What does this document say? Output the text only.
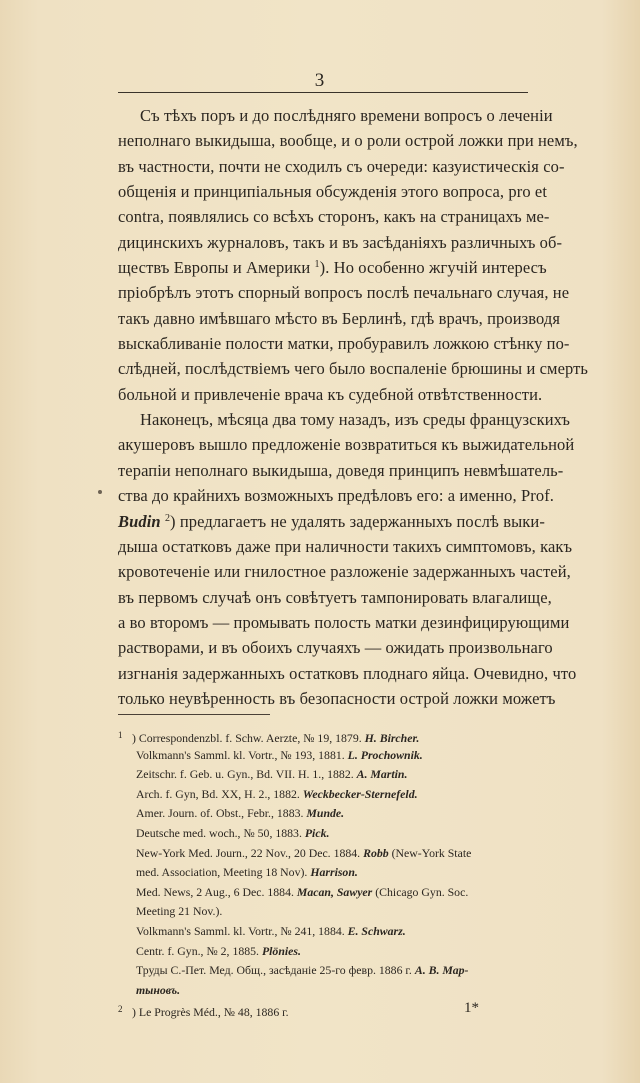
3
Съ тѣхъ поръ и до послѣдняго времени вопросъ о леченіи
неполнаго выкидыша, вообще, и о роли острой ложки при немъ,
въ частности, почти не сходилъ съ очереди: казуистическія со-
общенія и принципіальныя обсужденія этого вопроса, pro et
contra, появлялись со всѣхъ сторонъ, какъ на страницахъ ме-
дицинскихъ журналовъ, такъ и въ засѣданіяхъ различныхъ об-
ществъ Европы и Америки $^1$). Но особенно жгучій интересъ
пріобрѣлъ этотъ спорный вопросъ послѣ печальнаго случая, не
такъ давно имѣвшаго мѣсто въ Берлинѣ, гдѣ врачъ, производя
выскабливаніе полости матки, пробуравилъ ложкою стѣнку по-
слѣдней, послѣдствіемъ чего было воспаленіе брюшины и смерть
больной и привлеченіе врача къ судебной отвѣтственности.
Наконецъ, мѣсяца два тому назадъ, изъ среды французскихъ
акушеровъ вышло предложеніе возвратиться къ выжидательной
терапіи неполнаго выкидыша, доведя принципъ невмѣшатель-
ства до крайнихъ возможныхъ предѣловъ его: а именно, Prof.
Budin $^2$) предлагаетъ не удалять задержанныхъ послѣ выки-
дыша остатковъ даже при наличности такихъ симптомовъ, какъ
кровотеченіе или гнилостное разложеніе задержанныхъ частей,
въ первомъ случаѣ онъ совѣтуетъ тампонировать влагалище,
а во второмъ — промывать полость матки дезинфицирующими
растворами, и въ обоихъ случаяхъ — ожидать произвольнаго
изгнанія задержанныхъ остатковъ плоднаго яйца. Очевидно, что
только неувѣренность въ безопасности острой ложки можетъ
1 ) Correspondenzbl. f. Schw. Aerzte, № 19, 1879. H. Bircher.
Volkmann's Samml. kl. Vortr., № 193, 1881. L. Prochownik.
Zeitschr. f. Geb. u. Gyn., Bd. VII. H. 1., 1882. A. Martin.
Arch. f. Gyn, Bd. XX, H. 2., 1882. Weckbecker-Sternefeld.
Amer. Journ. of. Obst., Febr., 1883. Munde.
Deutsche med. woch., № 50, 1883. Pick.
New-York Med. Journ., 22 Nov., 20 Dec. 1884. Robb (New-York State
med. Association, Meeting 18 Nov). Harrison.
Med. News, 2 Aug., 6 Dec. 1884. Macan, Sawyer (Chicago Gyn. Soc.
Meeting 21 Nov.).
Volkmann's Samml. kl. Vortr., № 241, 1884. E. Schwarz.
Centr. f. Gyn., № 2, 1885. Plönies.
Труды С.-Пет. Мед. Общ., засѣданіе 25-го февр. 1886 г. А. В. Мар-
тыновъ.
2 ) Le Progrès Méd., № 48, 1886 г.	1*
